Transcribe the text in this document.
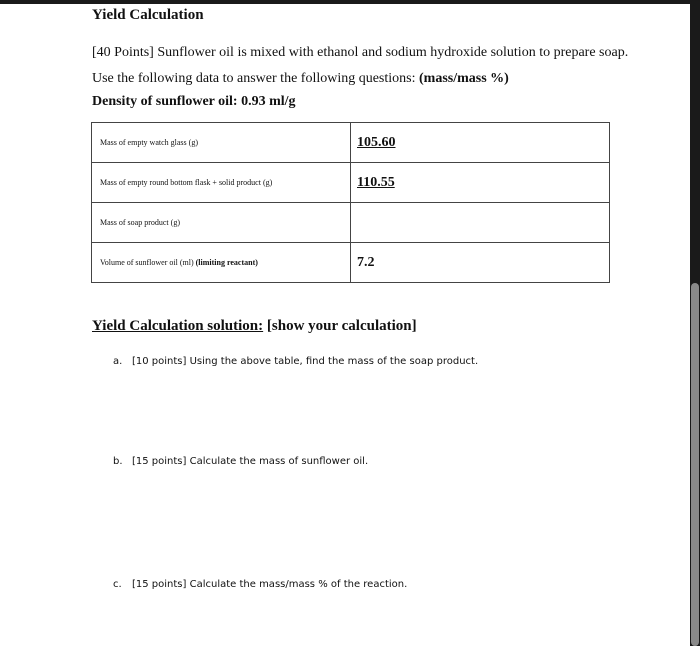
Yield Calculation
[40 Points] Sunflower oil is mixed with ethanol and sodium hydroxide solution to prepare soap.
Use the following data to answer the following questions: (mass/mass %)
Density of sunflower oil: 0.93 ml/g
Mass of empty watch glass (g)	105.60
Mass of empty round bottom flask + solid product (g)	110.55
Mass of soap product (g)	
Volume of sunflower oil (ml) (limiting reactant)	7.2
Yield Calculation solution: [show your calculation]
a. [10 points] Using the above table, find the mass of the soap product.
b. [15 points] Calculate the mass of sunflower oil.
c. [15 points] Calculate the mass/mass % of the reaction.
